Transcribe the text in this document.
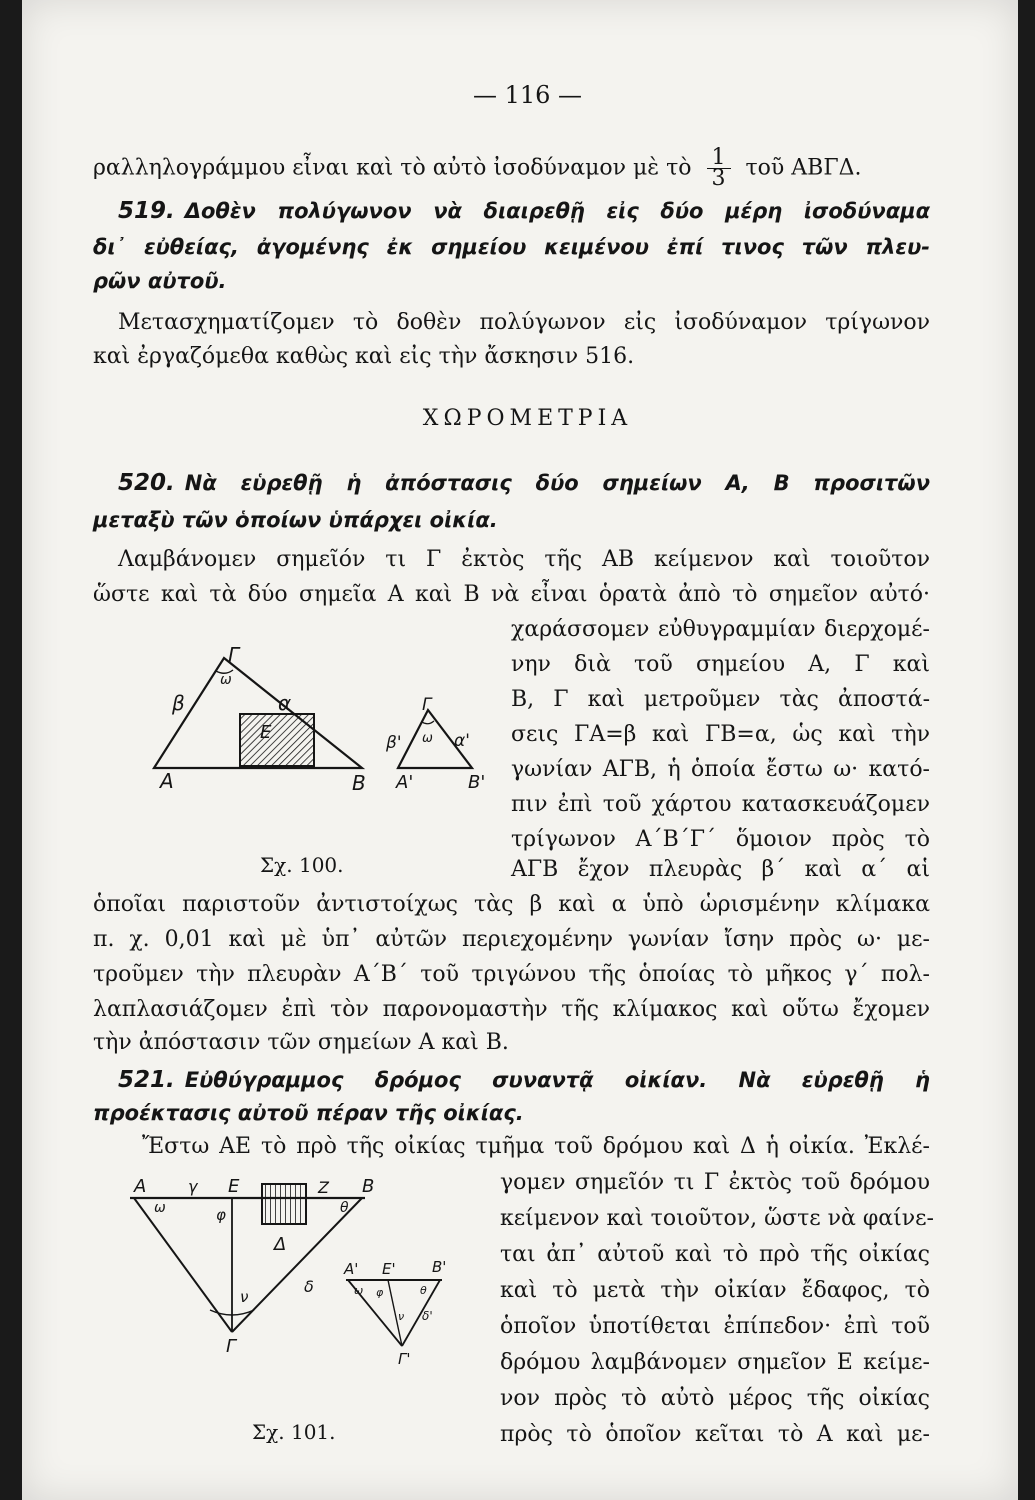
— 116 —
ραλληλογράμμου εἶναι καὶ τὸ αὐτὸ ἰσοδύναμον μὲ τὸ $\frac{1}{3}$ τοῦ ΑΒΓΔ.
519. Δοθὲν πολύγωνον νὰ διαιρεθῇ εἰς δύο μέρη ἰσοδύναμα
δι᾽ εὐθείας, ἀγομένης ἐκ σημείου κειμένου ἐπί τινος τῶν πλευ-
ρῶν αὐτοῦ.
Μετασχηματίζομεν τὸ δοθὲν πολύγωνον εἰς ἰσοδύναμον τρίγωνον
καὶ ἐργαζόμεθα καθὼς καὶ εἰς τὴν ἄσκησιν 516.
ΧΩΡΟΜΕΤΡΙΑ
520. Νὰ εὑρεθῇ ἡ ἀπόστασις δύο σημείων Α, Β προσιτῶν
μεταξὺ τῶν ὁποίων ὑπάρχει οἰκία.
Λαμβάνομεν σημεῖόν τι Γ ἐκτὸς τῆς ΑΒ κείμενον καὶ τοιοῦτον
ὥστε καὶ τὰ δύο σημεῖα Α καὶ Β νὰ εἶναι ὁρατὰ ἀπὸ τὸ σημεῖον αὐτό·
χαράσσομεν εὐθυγραμμίαν διερχομέ-
νην διὰ τοῦ σημείου Α, Γ καὶ
Β, Γ καὶ μετροῦμεν τὰς ἀποστά-
σεις ΓΑ=β καὶ ΓΒ=α, ὡς καὶ τὴν
γωνίαν ΑΓΒ, ἡ ὁποία ἔστω ω· κατό-
πιν ἐπὶ τοῦ χάρτου κατασκευάζομεν
τρίγωνον Α΄Β΄Γ΄ ὅμοιον πρὸς τὸ
ΑΓΒ ἔχον πλευρὰς β΄ καὶ α΄ αἱ
A	B
Γ
E
β	α
ω
A'	B'
Γ
β'	α'
ω
Σχ. 100.
ὁποῖαι παριστοῦν ἀντιστοίχως τὰς β καὶ α ὑπὸ ὡρισμένην κλίμακα
π. χ. 0,01 καὶ μὲ ὑπ᾽ αὐτῶν περιεχομένην γωνίαν ἴσην πρὸς ω· με-
τροῦμεν τὴν πλευρὰν Α΄Β΄ τοῦ τριγώνου τῆς ὁποίας τὸ μῆκος γ΄ πολ-
λαπλασιάζομεν ἐπὶ τὸν παρονομαστὴν τῆς κλίμακος καὶ οὕτω ἔχομεν
τὴν ἀπόστασιν τῶν σημείων Α καὶ Β.
521. Εὐθύγραμμος δρόμος συναντᾷ οἰκίαν. Νὰ εὑρεθῇ ἡ
προέκτασις αὐτοῦ πέραν τῆς οἰκίας.
Ἔστω ΑΕ τὸ πρὸ τῆς οἰκίας τμῆμα τοῦ δρόμου καὶ Δ ἡ οἰκία. Ἐκλέ-
γομεν σημεῖόν τι Γ ἐκτὸς τοῦ δρόμου
κείμενον καὶ τοιοῦτον, ὥστε νὰ φαίνε-
ται ἀπ᾽ αὐτοῦ καὶ τὸ πρὸ τῆς οἰκίας
καὶ τὸ μετὰ τὴν οἰκίαν ἔδαφος, τὸ
ὁποῖον ὑποτίθεται ἐπίπεδον· ἐπὶ τοῦ
δρόμου λαμβάνομεν σημεῖον Ε κείμε-
νον πρὸς τὸ αὐτὸ μέρος τῆς οἰκίας
πρὸς τὸ ὁποῖον κεῖται τὸ Α καὶ με-
A	γ E	Z B
ω	φ	θ
Δ
δ
ν
Γ
A' E' B'
ω φ	θ
ν δ'
Γ'
Σχ. 101.
